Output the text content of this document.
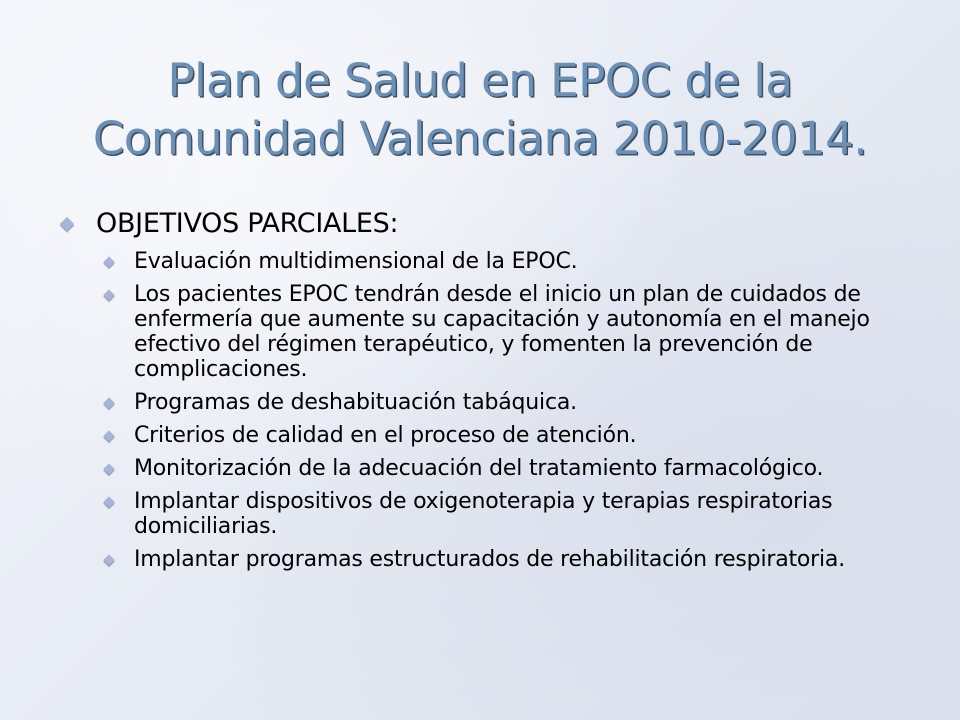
Plan de Salud en EPOC de la
Comunidad Valenciana 2010-2014.
OBJETIVOS PARCIALES:
Evaluación multidimensional de la EPOC.
Los pacientes EPOC tendrán desde el inicio un plan de cuidados de enfermería que aumente su capacitación y autonomía en el manejo efectivo del régimen terapéutico, y fomenten la prevención de complicaciones.
Programas de deshabituación tabáquica.
Criterios de calidad en el proceso de atención.
Monitorización de la adecuación del tratamiento farmacológico.
Implantar dispositivos de oxigenoterapia y terapias respiratorias domiciliarias.
Implantar programas estructurados de rehabilitación respiratoria.
